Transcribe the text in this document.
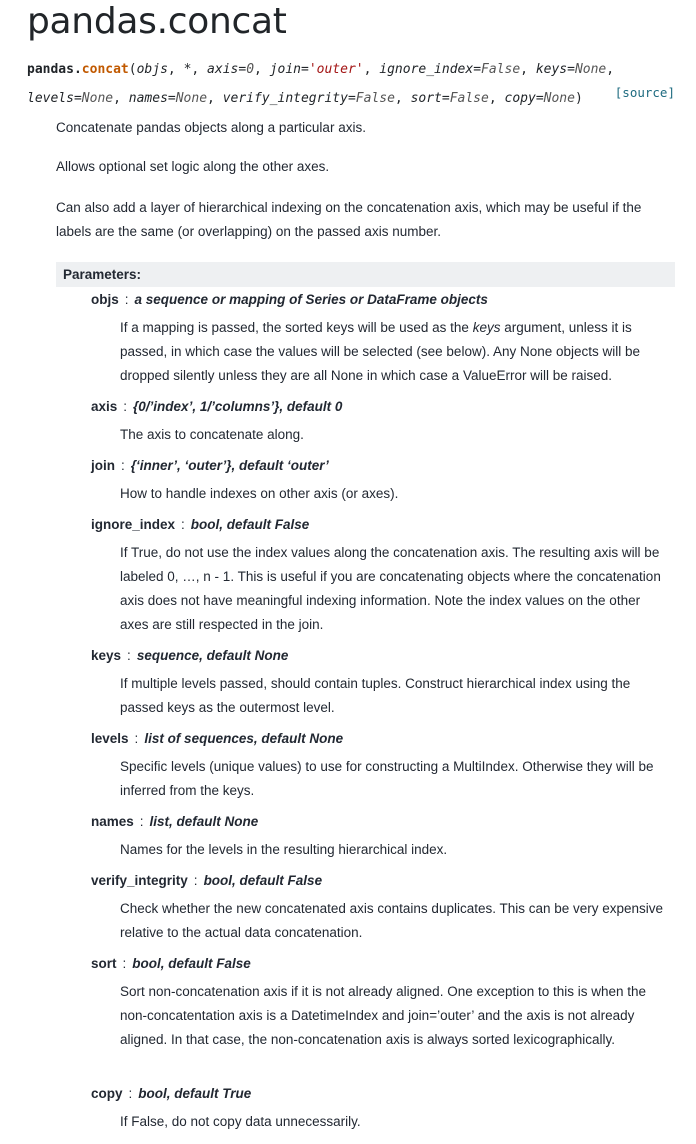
pandas.concat
pandas.concat(objs, *, axis=0, join='outer', ignore_index=False, keys=None,
levels=None, names=None, verify_integrity=False, sort=False, copy=None)	[source]

Concatenate pandas objects along a particular axis.

Allows optional set logic along the other axes.

Can also add a layer of hierarchical indexing on the concatenation axis, which may be useful if the labels are the same (or overlapping) on the passed axis number.

Parameters:
objs : a sequence or mapping of Series or DataFrame objects
If a mapping is passed, the sorted keys will be used as the keys argument, unless it is passed, in which case the values will be selected (see below). Any None objects will be dropped silently unless they are all None in which case a ValueError will be raised.
axis : {0/’index’, 1/’columns’}, default 0
The axis to concatenate along.
join : {‘inner’, ‘outer’}, default ‘outer’
How to handle indexes on other axis (or axes).
ignore_index : bool, default False
If True, do not use the index values along the concatenation axis. The resulting axis will be labeled 0, …, n - 1. This is useful if you are concatenating objects where the concatenation axis does not have meaningful indexing information. Note the index values on the other axes are still respected in the join.
keys : sequence, default None
If multiple levels passed, should contain tuples. Construct hierarchical index using the passed keys as the outermost level.
levels : list of sequences, default None
Specific levels (unique values) to use for constructing a MultiIndex. Otherwise they will be inferred from the keys.
names : list, default None
Names for the levels in the resulting hierarchical index.
verify_integrity : bool, default False
Check whether the new concatenated axis contains duplicates. This can be very expensive relative to the actual data concatenation.
sort : bool, default False
Sort non-concatenation axis if it is not already aligned. One exception to this is when the non-concatentation axis is a DatetimeIndex and join=’outer’ and the axis is not already aligned. In that case, the non-concatenation axis is always sorted lexicographically.
copy : bool, default True
If False, do not copy data unnecessarily.
